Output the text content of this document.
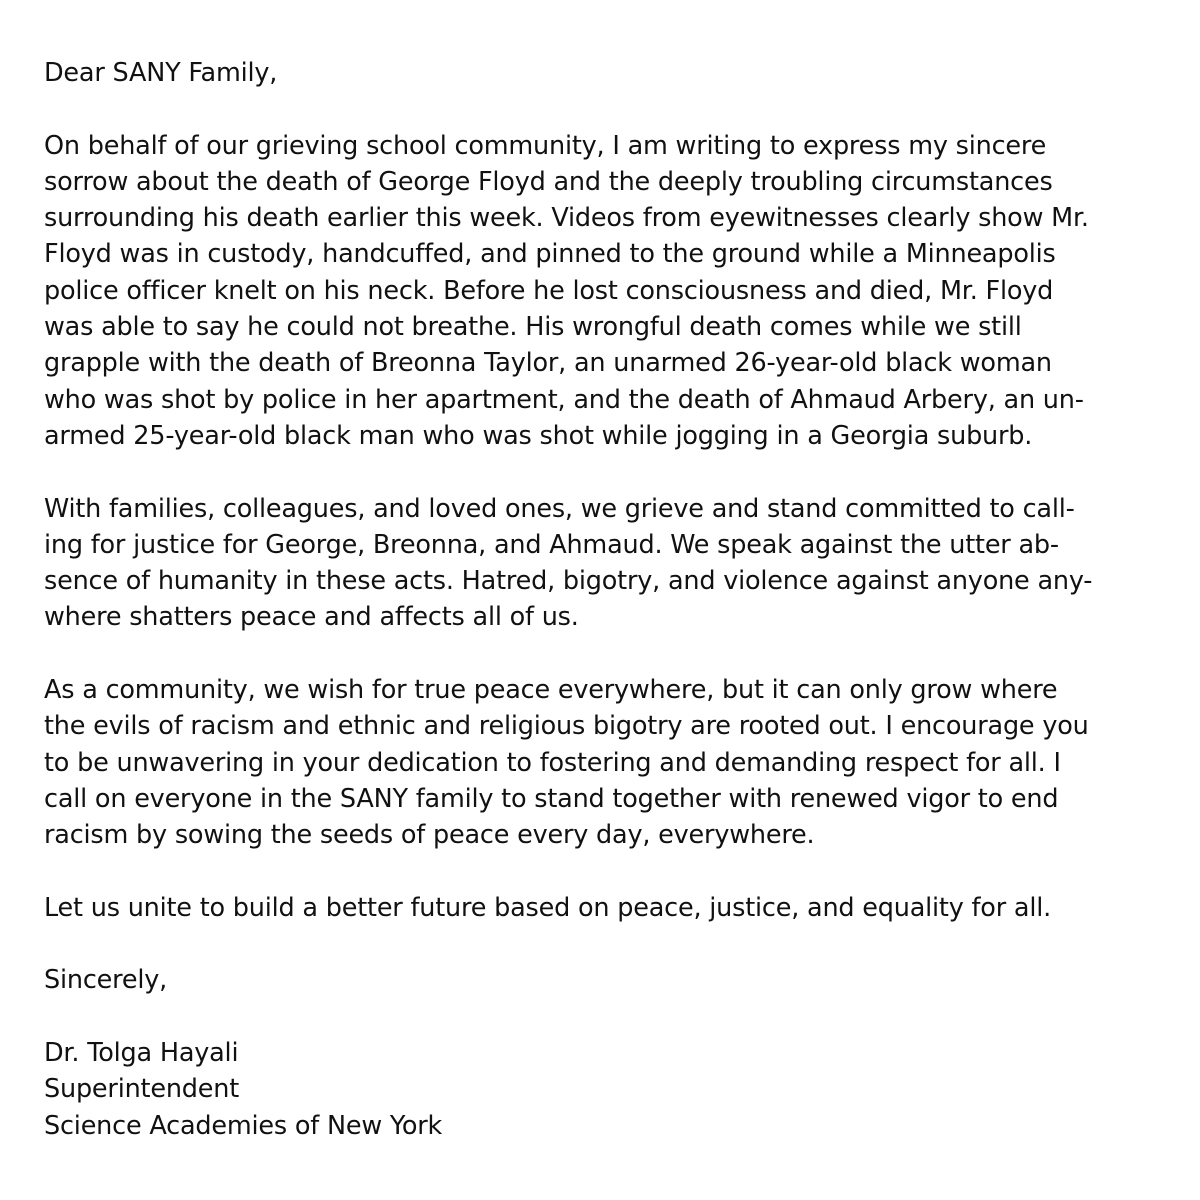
Dear SANY Family,
On behalf of our grieving school community, I am writing to express my sincere
sorrow about the death of George Floyd and the deeply troubling circumstances
surrounding his death earlier this week. Videos from eyewitnesses clearly show Mr.
Floyd was in custody, handcuffed, and pinned to the ground while a Minneapolis
police officer knelt on his neck. Before he lost consciousness and died, Mr. Floyd
was able to say he could not breathe. His wrongful death comes while we still
grapple with the death of Breonna Taylor, an unarmed 26-year-old black woman
who was shot by police in her apartment, and the death of Ahmaud Arbery, an un-
armed 25-year-old black man who was shot while jogging in a Georgia suburb.
With families, colleagues, and loved ones, we grieve and stand committed to call-
ing for justice for George, Breonna, and Ahmaud. We speak against the utter ab-
sence of humanity in these acts. Hatred, bigotry, and violence against anyone any-
where shatters peace and affects all of us.
As a community, we wish for true peace everywhere, but it can only grow where
the evils of racism and ethnic and religious bigotry are rooted out. I encourage you
to be unwavering in your dedication to fostering and demanding respect for all. I
call on everyone in the SANY family to stand together with renewed vigor to end
racism by sowing the seeds of peace every day, everywhere.
Let us unite to build a better future based on peace, justice, and equality for all.
Sincerely,
Dr. Tolga Hayali
Superintendent
Science Academies of New York
